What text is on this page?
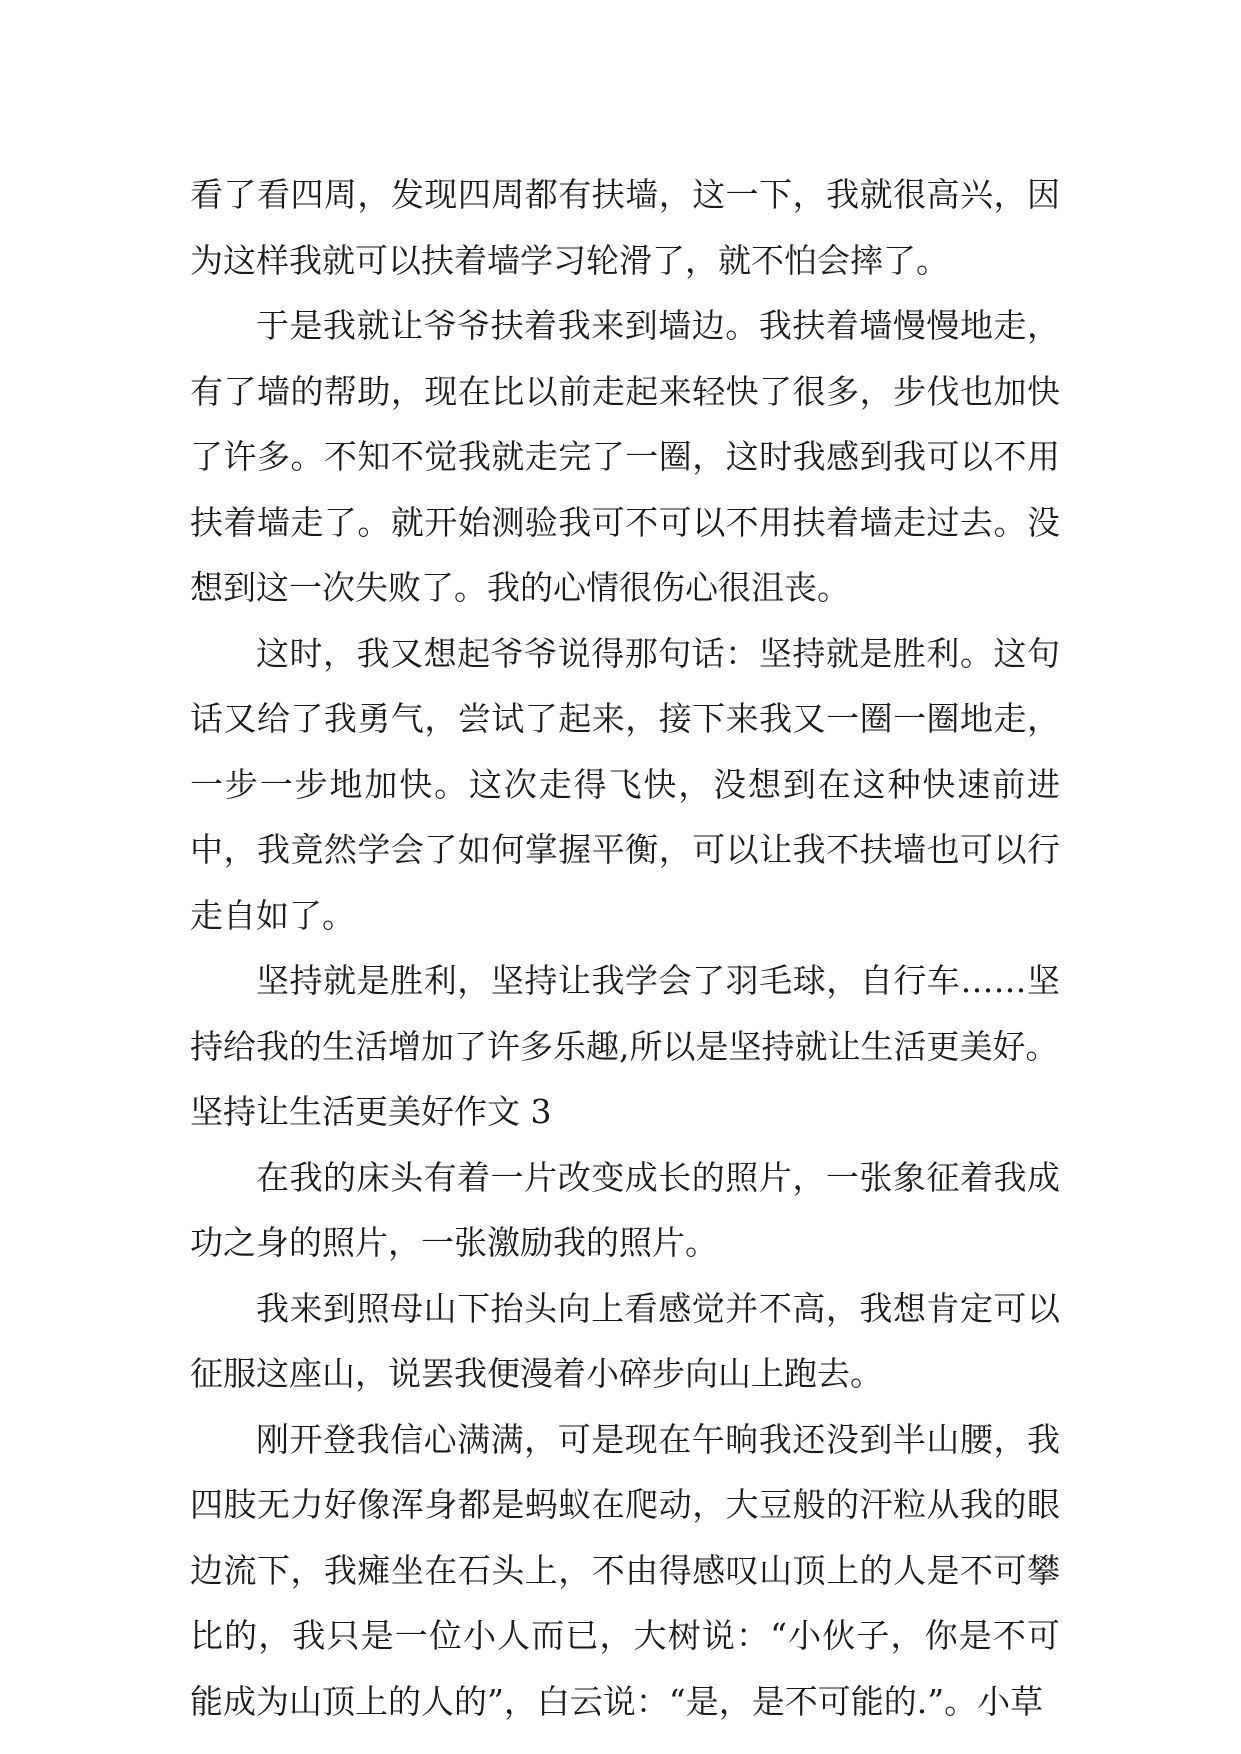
看了看四周，发现四周都有扶墙，这一下，我就很高兴，因为这样我就可以扶着墙学习轮滑了，就不怕会摔了。

于是我就让爷爷扶着我来到墙边。我扶着墙慢慢地走，有了墙的帮助，现在比以前走起来轻快了很多，步伐也加快了许多。不知不觉我就走完了一圈，这时我感到我可以不用扶着墙走了。就开始测验我可不可以不用扶着墙走过去。没想到这一次失败了。我的心情很伤心很沮丧。

这时，我又想起爷爷说得那句话：坚持就是胜利。这句话又给了我勇气，尝试了起来，接下来我又一圈一圈地走，一步一步地加快。这次走得飞快，没想到在这种快速前进中，我竟然学会了如何掌握平衡，可以让我不扶墙也可以行走自如了。

坚持就是胜利，坚持让我学会了羽毛球，自行车……坚持给我的生活增加了许多乐趣,所以是坚持就让生活更美好。

坚持让生活更美好作文 3

在我的床头有着一片改变成长的照片，一张象征着我成功之身的照片，一张激励我的照片。

我来到照母山下抬头向上看感觉并不高，我想肯定可以征服这座山，说罢我便漫着小碎步向山上跑去。

刚开登我信心满满，可是现在午晌我还没到半山腰，我四肢无力好像浑身都是蚂蚁在爬动，大豆般的汗粒从我的眼边流下，我瘫坐在石头上，不由得感叹山顶上的人是不可攀比的，我只是一位小人而已，大树说：“小伙子，你是不可能成为山顶上的人的”，白云说：“是，是不可能的.”。小草
